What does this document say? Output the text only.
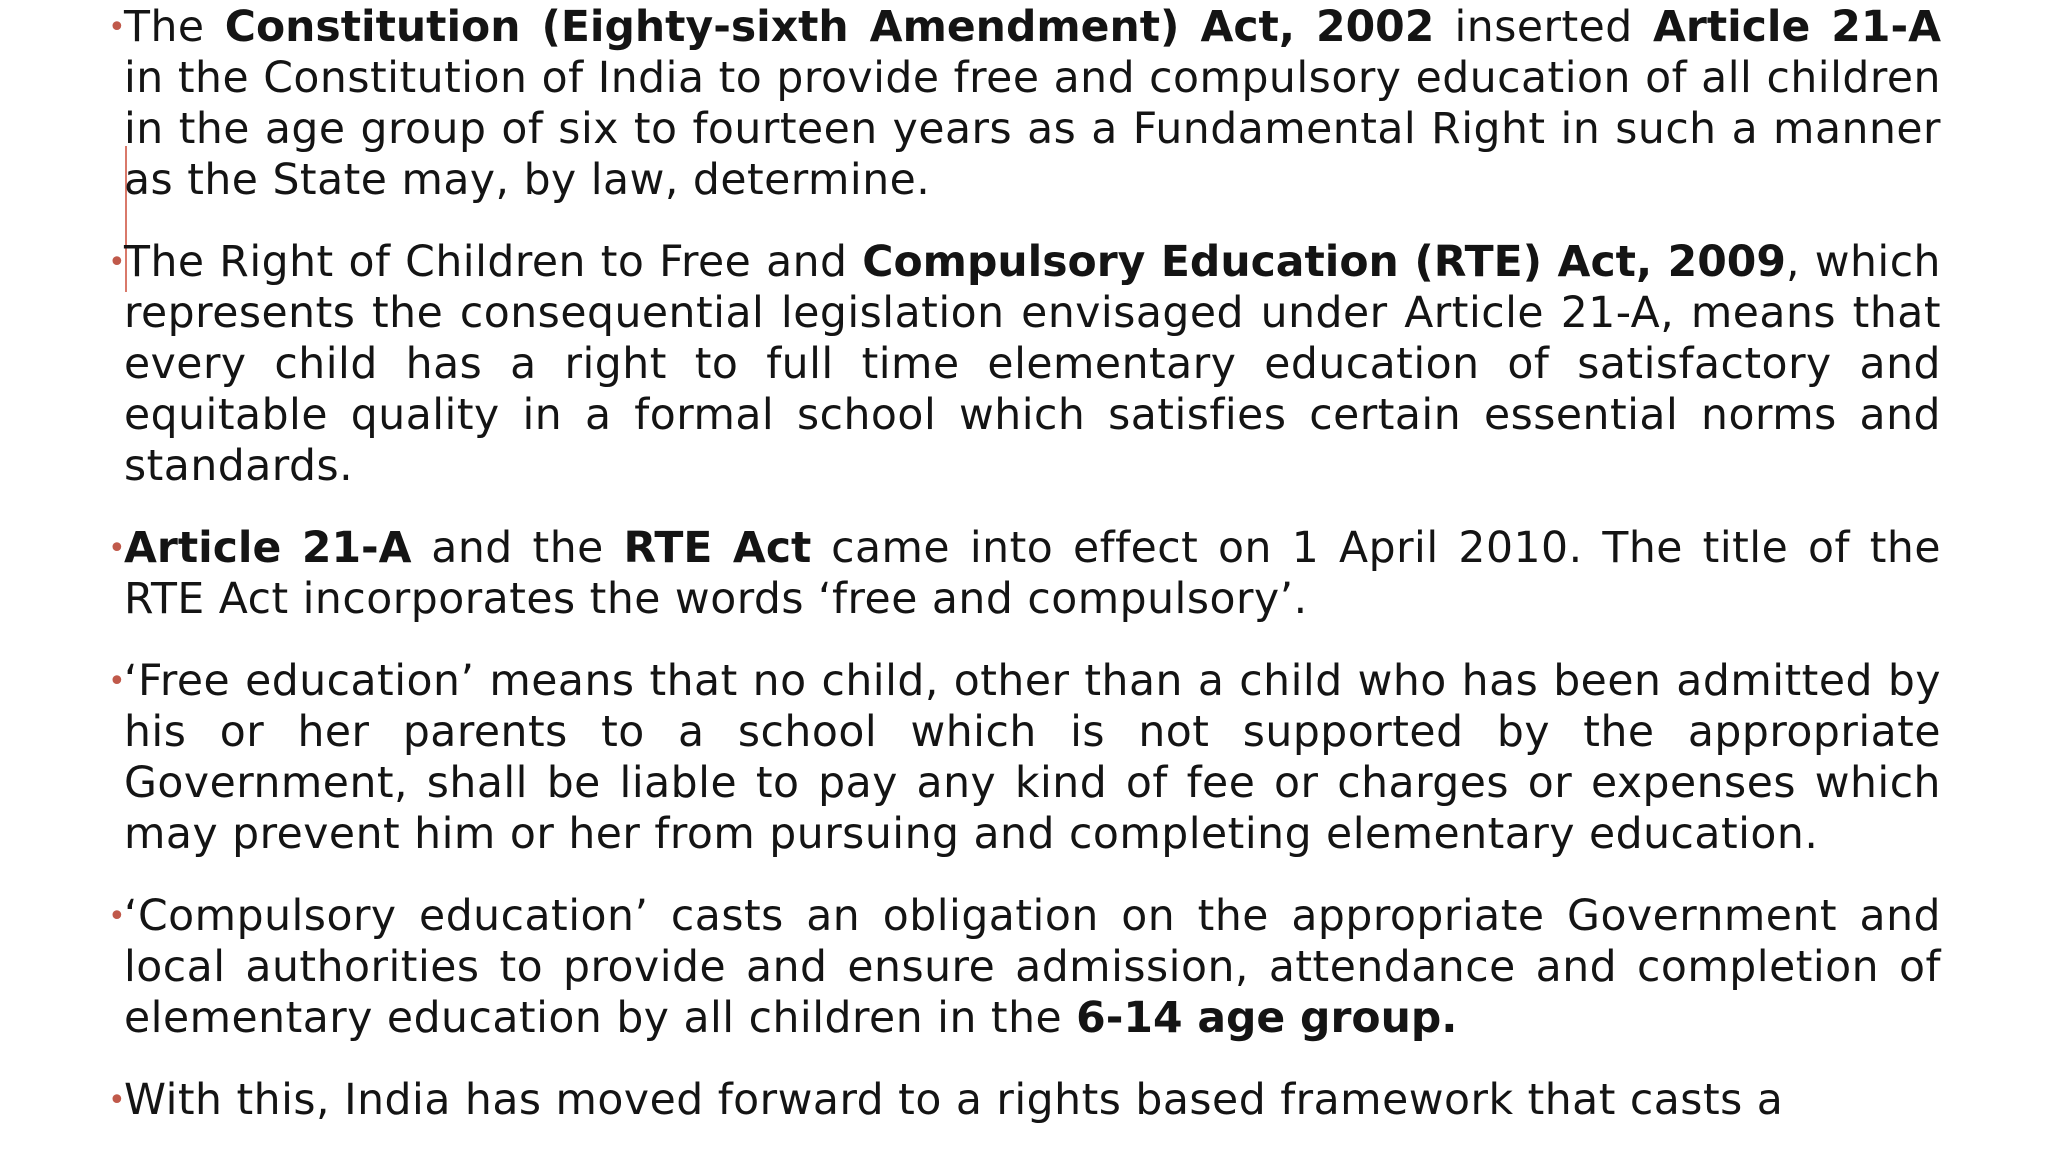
•
The Constitution (Eighty-sixth Amendment) Act, 2002 inserted Article 21-A in the Constitution of India to provide free and compulsory education of all children in the age group of six to fourteen years as a Fundamental Right in such a manner as the State may, by law, determine.
•
The Right of Children to Free and Compulsory Education (RTE) Act, 2009, which represents the consequential legislation envisaged under Article 21-A, means that every child has a right to full time elementary education of satisfactory and equitable quality in a formal school which satisfies certain essential norms and standards.
•
Article 21-A and the RTE Act came into effect on 1 April 2010. The title of the RTE Act incorporates the words ‘free and compulsory’.
•
‘Free education’ means that no child, other than a child who has been admitted by his or her parents to a school which is not supported by the appropriate Government, shall be liable to pay any kind of fee or charges or expenses which may prevent him or her from pursuing and completing elementary education.
•
‘Compulsory education’ casts an obligation on the appropriate Government and local authorities to provide and ensure admission, attendance and completion of elementary education by all children in the 6-14 age group.
•
With this, India has moved forward to a rights based framework that casts a
